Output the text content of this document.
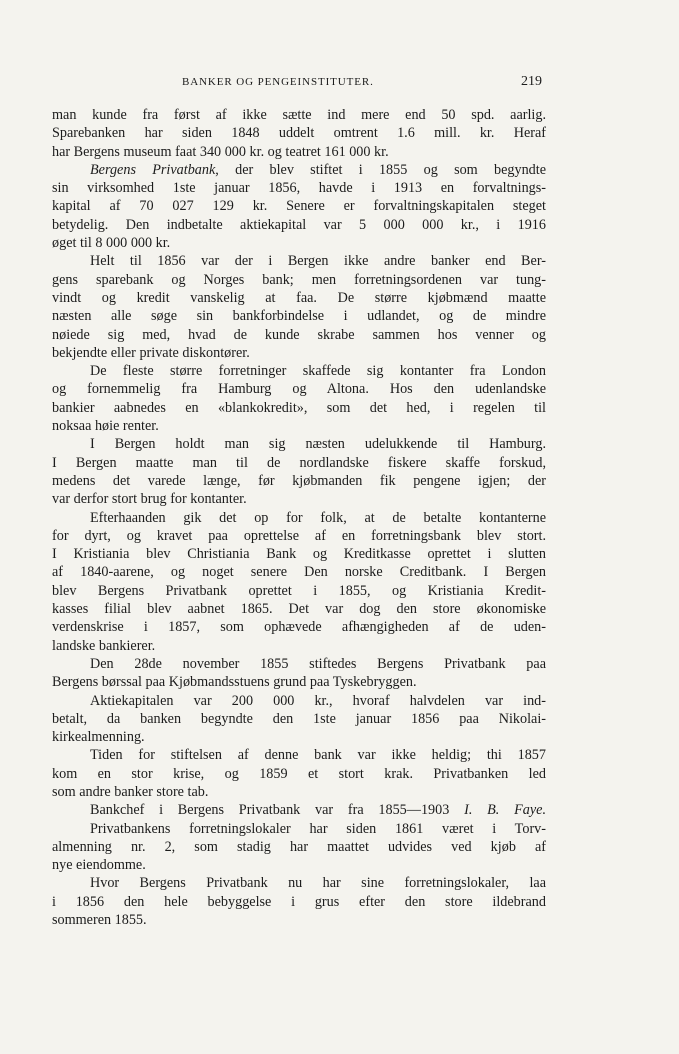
BANKER OG PENGEINSTITUTER.	219
man kunde fra først af ikke sætte ind mere end 50 spd. aarlig.
Sparebanken har siden 1848 uddelt omtrent 1.6 mill. kr. Heraf
har Bergens museum faat 340 000 kr. og teatret 161 000 kr.
Bergens Privatbank, der blev stiftet i 1855 og som begyndte
sin virksomhed 1ste januar 1856, havde i 1913 en forvaltnings-
kapital af 70 027 129 kr. Senere er forvaltningskapitalen steget
betydelig. Den indbetalte aktiekapital var 5 000 000 kr., i 1916
øget til 8 000 000 kr.
Helt til 1856 var der i Bergen ikke andre banker end Ber-
gens sparebank og Norges bank; men forretningsordenen var tung-
vindt og kredit vanskelig at faa. De større kjøbmænd maatte
næsten alle søge sin bankforbindelse i udlandet, og de mindre
nøiede sig med, hvad de kunde skrabe sammen hos venner og
bekjendte eller private diskontører.
De fleste større forretninger skaffede sig kontanter fra London
og fornemmelig fra Hamburg og Altona. Hos den udenlandske
bankier aabnedes en «blankokredit», som det hed, i regelen til
noksaa høie renter.
I Bergen holdt man sig næsten udelukkende til Hamburg.
I Bergen maatte man til de nordlandske fiskere skaffe forskud,
medens det varede længe, før kjøbmanden fik pengene igjen; der
var derfor stort brug for kontanter.
Efterhaanden gik det op for folk, at de betalte kontanterne
for dyrt, og kravet paa oprettelse af en forretningsbank blev stort.
I Kristiania blev Christiania Bank og Kreditkasse oprettet i slutten
af 1840-aarene, og noget senere Den norske Creditbank. I Bergen
blev Bergens Privatbank oprettet i 1855, og Kristiania Kredit-
kasses filial blev aabnet 1865. Det var dog den store økonomiske
verdenskrise i 1857, som ophævede afhængigheden af de uden-
landske bankierer.
Den 28de november 1855 stiftedes Bergens Privatbank paa
Bergens børssal paa Kjøbmandsstuens grund paa Tyskebryggen.
Aktiekapitalen var 200 000 kr., hvoraf halvdelen var ind-
betalt, da banken begyndte den 1ste januar 1856 paa Nikolai-
kirkealmenning.
Tiden for stiftelsen af denne bank var ikke heldig; thi 1857
kom en stor krise, og 1859 et stort krak. Privatbanken led
som andre banker store tab.
Bankchef i Bergens Privatbank var fra 1855—1903 I. B. Faye.
Privatbankens forretningslokaler har siden 1861 været i Torv-
almenning nr. 2, som stadig har maattet udvides ved kjøb af
nye eiendomme.
Hvor Bergens Privatbank nu har sine forretningslokaler, laa
i 1856 den hele bebyggelse i grus efter den store ildebrand
sommeren 1855.
